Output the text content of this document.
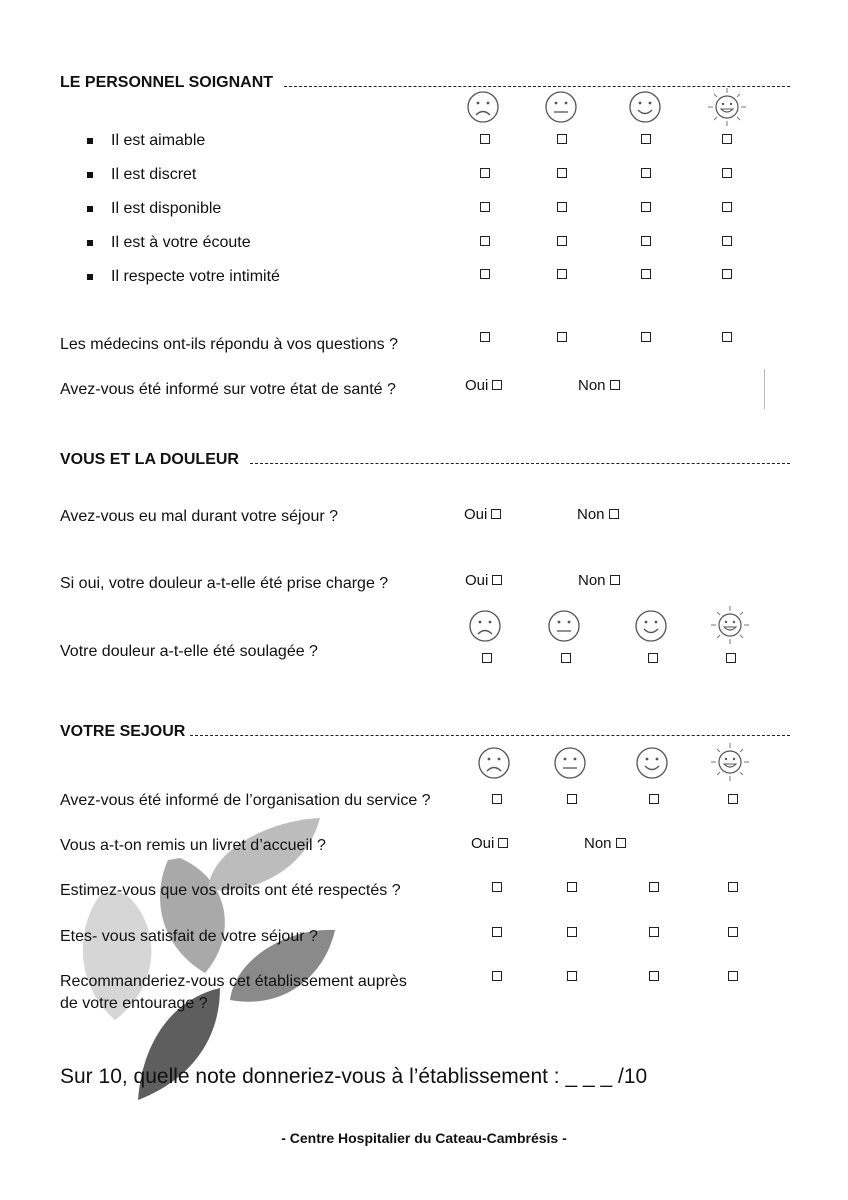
LE PERSONNEL SOIGNANT
Il est aimable
Il est discret
Il est disponible
Il est à votre écoute
Il respecte votre intimité
Les médecins ont-ils répondu à vos questions ?
Avez-vous été informé sur votre état de santé ?	Oui	Non
VOUS ET LA DOULEUR
Avez-vous eu mal durant votre séjour ?	Oui	Non
Si oui, votre douleur a-t-elle été prise charge ?	Oui	Non
Votre douleur a-t-elle été soulagée ?
VOTRE SEJOUR
Avez-vous été informé de l’organisation du service ?
Vous a-t-on remis un livret d’accueil ?	Oui	Non
Estimez-vous que vos droits ont été respectés ?
Etes- vous satisfait de votre séjour ?
Recommanderiez-vous cet établissement auprès
de votre entourage ?
Sur 10, quelle note donneriez-vous à l’établissement : _ _ _ /10
- Centre Hospitalier du Cateau-Cambrésis -
